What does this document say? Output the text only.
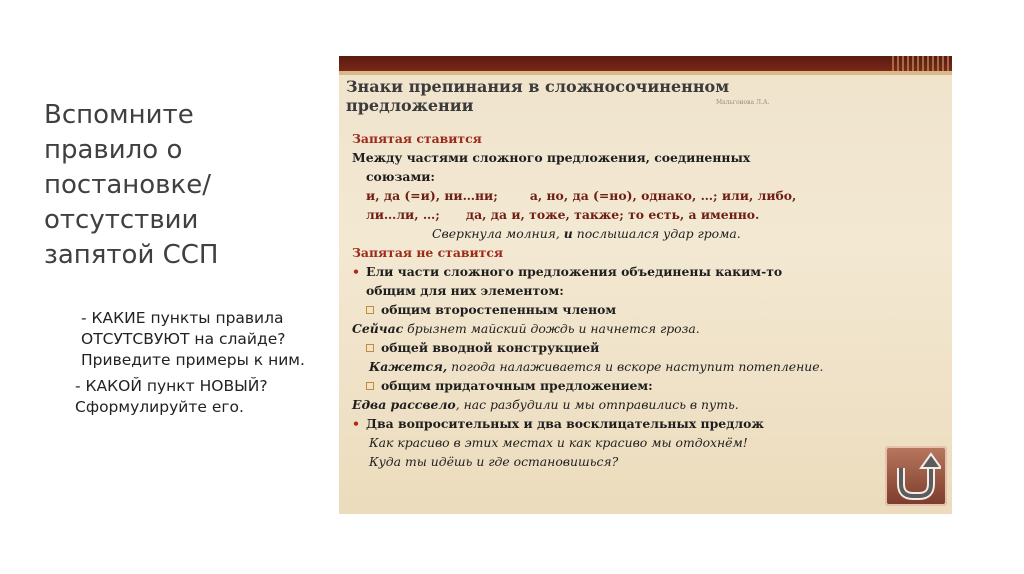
Вспомните
правило о
постановке/
отсутствии
запятой ССП

- КАКИЕ пункты правила ОТСУТСВУЮТ на слайде? Приведите примеры к ним.

- КАКОЙ пункт НОВЫЙ? Сформулируйте его.

Знаки препинания в сложносочиненном
предложении	Мальгонова Л.А.
Запятая ставится
Между частями сложного предложения, соединенных
союзами:
и, да (=и), ни…ни;	а, но, да (=но), однако, …; или, либо,
ли…ли, …; да, да и, тоже, также; то есть, а именно.
Сверкнула молния, и послышался удар грома.
Запятая не ставится
• Ели части сложного предложения объединены каким-то
общим для них элементом:
общим второстепенным членом
Сейчас брызнет майский дождь и начнется гроза.
общей вводной конструкцией
Кажется, погода налаживается и вскоре наступит потепление.
общим придаточным предложением:
Едва рассвело, нас разбудили и мы отправились в путь.
• Два вопросительных и два восклицательных предлож
Как красиво в этих местах и как красиво мы отдохнём!
Куда ты идёшь и где остановишься?
